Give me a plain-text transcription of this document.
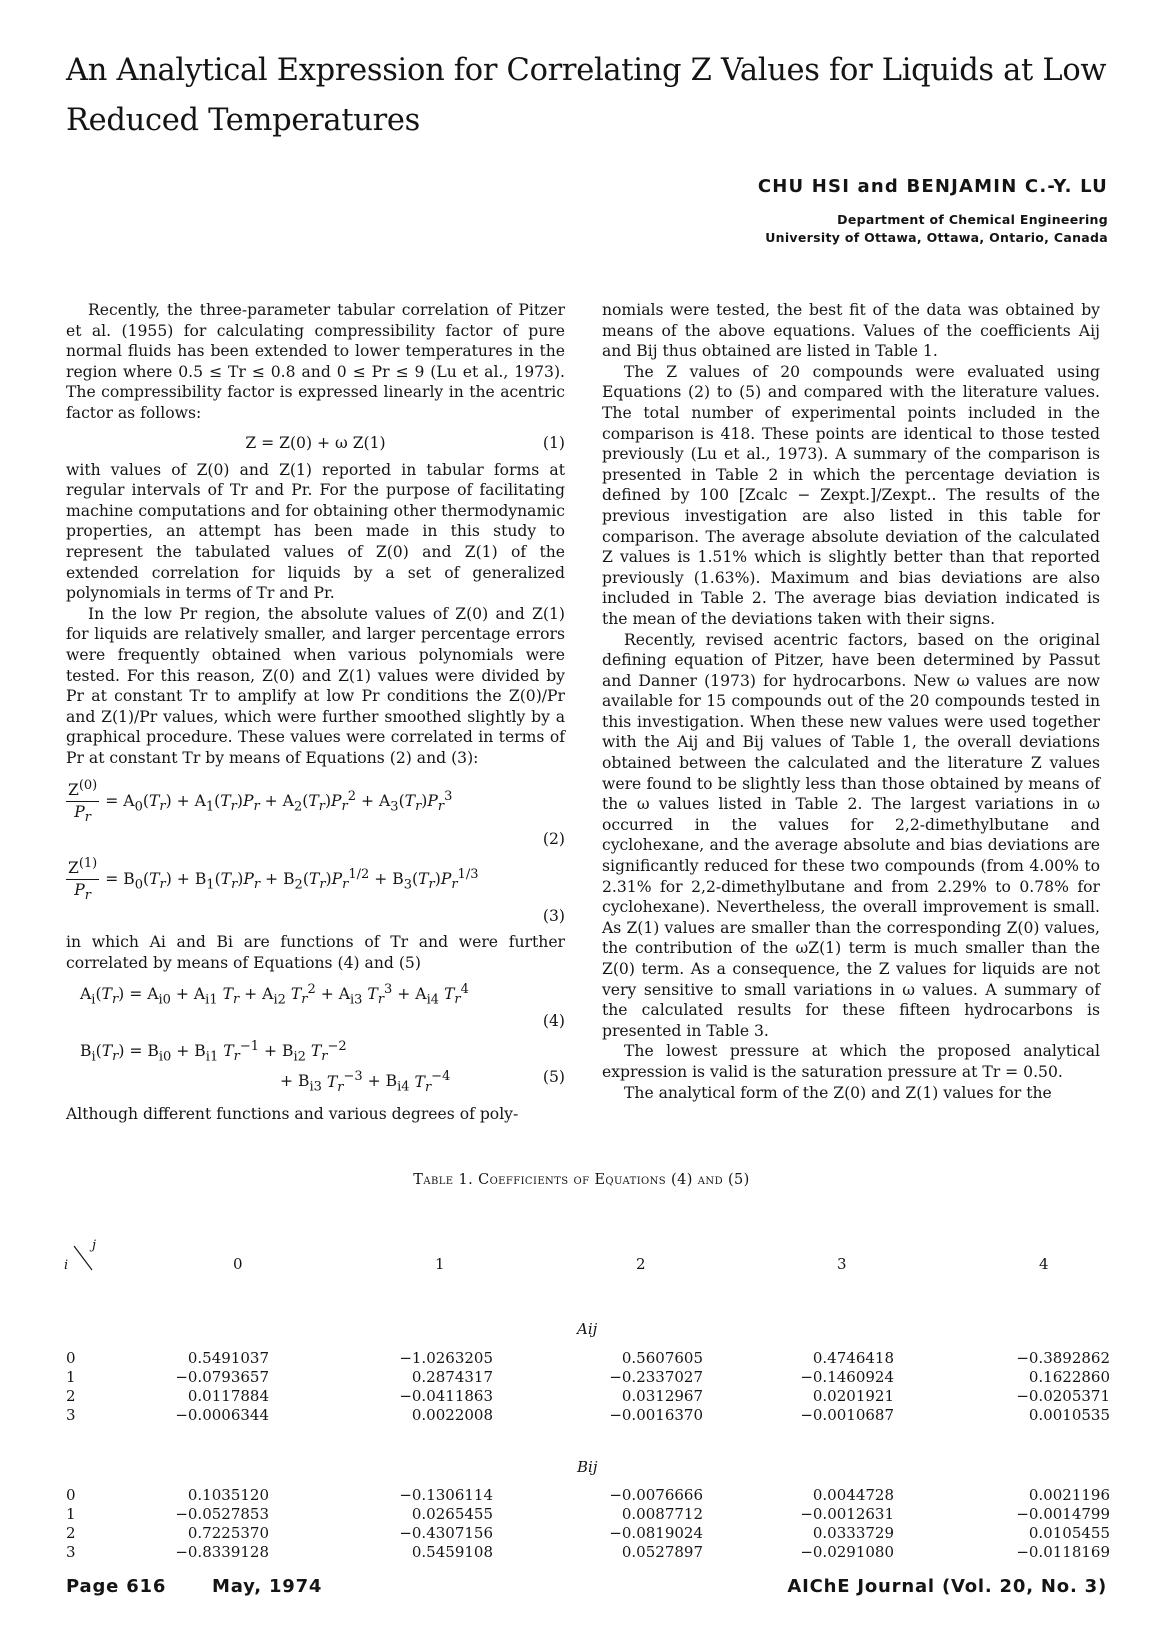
An Analytical Expression for Correlating Z Values for Liquids at Low Reduced Temperatures
CHU HSI and BENJAMIN C.-Y. LU
Department of Chemical Engineering
University of Ottawa, Ottawa, Ontario, Canada

Recently, the three-parameter tabular correlation of Pitzer et al. (1955) for calculating compressibility factor of pure normal fluids has been extended to lower temperatures in the region where 0.5 ≤ Tr ≤ 0.8 and 0 ≤ Pr ≤ 9 (Lu et al., 1973). The compressibility factor is expressed linearly in the acentric factor as follows:

Z = Z(0) + ω Z(1)	(1)

with values of Z(0) and Z(1) reported in tabular forms at regular intervals of Tr and Pr. For the purpose of facilitating machine computations and for obtaining other thermodynamic properties, an attempt has been made in this study to represent the tabulated values of Z(0) and Z(1) of the extended correlation for liquids by a set of generalized polynomials in terms of Tr and Pr.

In the low Pr region, the absolute values of Z(0) and Z(1) for liquids are relatively smaller, and larger percentage errors were frequently obtained when various polynomials were tested. For this reason, Z(0) and Z(1) values were divided by Pr at constant Tr to amplify at low Pr conditions the Z(0)/Pr and Z(1)/Pr values, which were further smoothed slightly by a graphical procedure. These values were correlated in terms of Pr at constant Tr by means of Equations (2) and (3):

$\frac{Z^{(0)}}{P_r} = A_0(T_r) + A_1(T_r)P_r + A_2(T_r)P_r^2 + A_3(T_r)P_r^3$
(2)
$\frac{Z^{(1)}}{P_r} = B_0(T_r) + B_1(T_r)P_r + B_2(T_r)P_r^{1/2} + B_3(T_r)P_r^{1/3}$
(3)

in which Ai and Bi are functions of Tr and were further correlated by means of Equations (4) and (5)

$A_i(T_r) = A_{i0} + A_{i1}$ $T_r + A_{i2}$ $T_r^2 + A_{i3}$ $T_r^3 + A_{i4}$ $T_r^4$
(4)
$B_i(T_r) = B_{i0} + B_{i1}$ $T_r^{-1} + B_{i2}$ $T_r^{-2}$
+ $B_{i3}$ $T_r^{-3} + B_{i4}$ $T_r^{-4}$	(5)

Although different functions and various degrees of poly-

nomials were tested, the best fit of the data was obtained by means of the above equations. Values of the coefficients Aij and Bij thus obtained are listed in Table 1.

The Z values of 20 compounds were evaluated using Equations (2) to (5) and compared with the literature values. The total number of experimental points included in the comparison is 418. These points are identical to those tested previously (Lu et al., 1973). A summary of the comparison is presented in Table 2 in which the percentage deviation is defined by 100 [Zcalc − Zexpt.]/Zexpt.. The results of the previous investigation are also listed in this table for comparison. The average absolute deviation of the calculated Z values is 1.51% which is slightly better than that reported previously (1.63%). Maximum and bias deviations are also included in Table 2. The average bias deviation indicated is the mean of the deviations taken with their signs.

Recently, revised acentric factors, based on the original defining equation of Pitzer, have been determined by Passut and Danner (1973) for hydrocarbons. New ω values are now available for 15 compounds out of the 20 compounds tested in this investigation. When these new values were used together with the Aij and Bij values of Table 1, the overall deviations obtained between the calculated and the literature Z values were found to be slightly less than those obtained by means of the ω values listed in Table 2. The largest variations in ω occurred in the values for 2,2-dimethylbutane and cyclohexane, and the average absolute and bias deviations are significantly reduced for these two compounds (from 4.00% to 2.31% for 2,2-dimethylbutane and from 2.29% to 0.78% for cyclohexane). Nevertheless, the overall improvement is small. As Z(1) values are smaller than the corresponding Z(0) values, the contribution of the ωZ(1) term is much smaller than the Z(0) term. As a consequence, the Z values for liquids are not very sensitive to small variations in ω values. A summary of the calculated results for these fifteen hydrocarbons is presented in Table 3.

The lowest pressure at which the proposed analytical expression is valid is the saturation pressure at Tr = 0.50.

The analytical form of the Z(0) and Z(1) values for the

Table 1. Coefficients of Equations (4) and (5)
j
i	0	1	2	3	4
Aij
0	0.5491037	−1.0263205	0.5607605	0.4746418	−0.3892862
1	−0.0793657	0.2874317	−0.2337027	−0.1460924	0.1622860
2	0.0117884	−0.0411863	0.0312967	0.0201921	−0.0205371
3	−0.0006344	0.0022008	−0.0016370	−0.0010687	0.0010535
Bij
0	0.1035120	−0.1306114	−0.0076666	0.0044728	0.0021196
1	−0.0527853	0.0265455	0.0087712	−0.0012631	−0.0014799
2	0.7225370	−0.4307156	−0.0819024	0.0333729	0.0105455
3	−0.8339128	0.5459108	0.0527897	−0.0291080	−0.0118169
Page 616	May, 1974	AIChE Journal (Vol. 20, No. 3)
